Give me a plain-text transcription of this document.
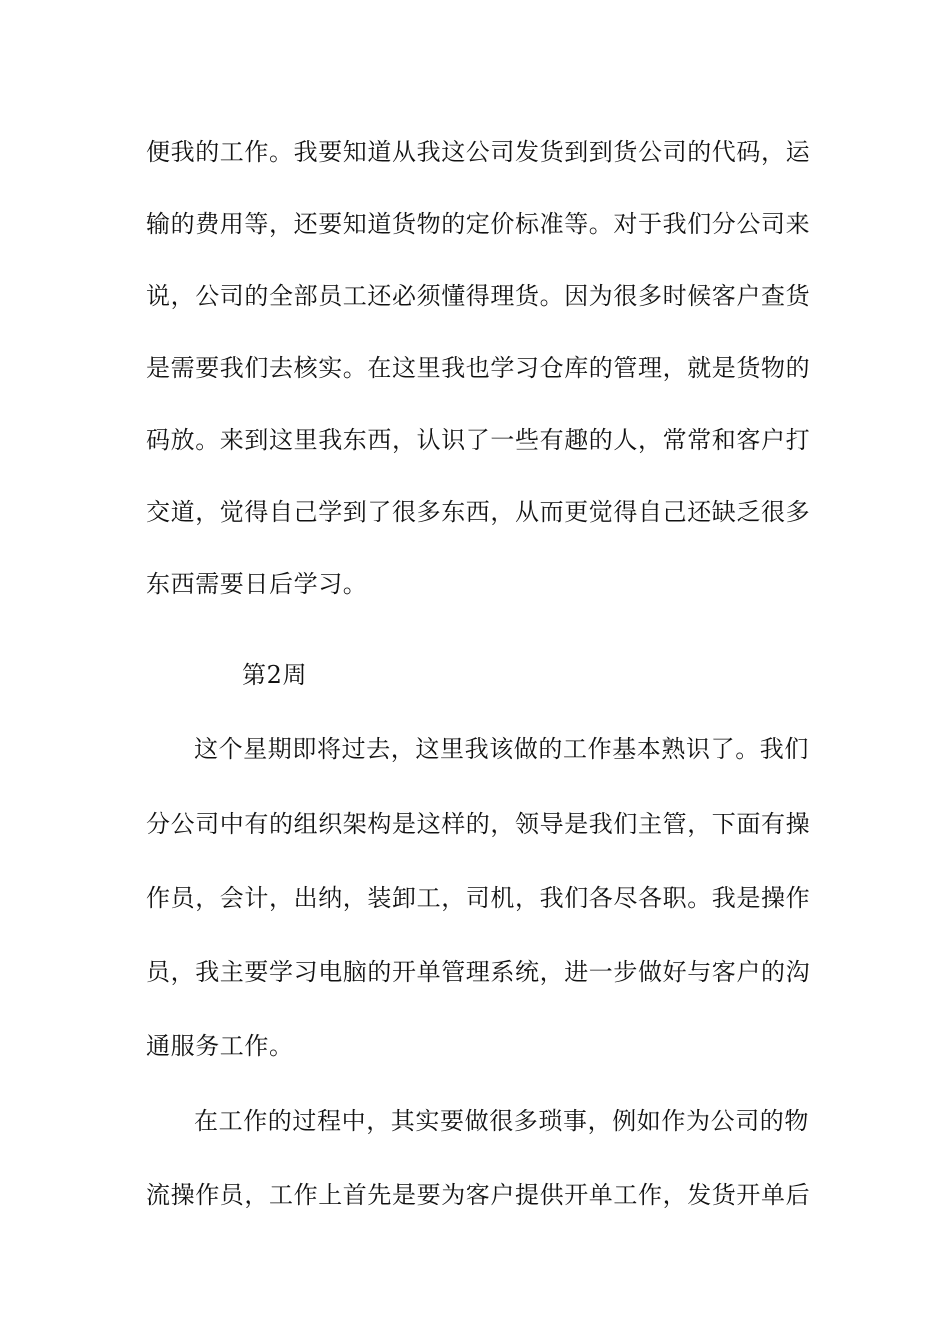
便我的工作。我要知道从我这公司发货到到货公司的代码，运
输的费用等，还要知道货物的定价标准等。对于我们分公司来
说，公司的全部员工还必须懂得理货。因为很多时候客户查货
是需要我们去核实。在这里我也学习仓库的管理，就是货物的
码放。来到这里我东西，认识了一些有趣的人，常常和客户打
交道，觉得自己学到了很多东西，从而更觉得自己还缺乏很多
东西需要日后学习。
第2周
这个星期即将过去，这里我该做的工作基本熟识了。我们
分公司中有的组织架构是这样的，领导是我们主管，下面有操
作员，会计，出纳，装卸工，司机，我们各尽各职。我是操作
员，我主要学习电脑的开单管理系统，进一步做好与客户的沟
通服务工作。
在工作的过程中，其实要做很多琐事，例如作为公司的物
流操作员，工作上首先是要为客户提供开单工作，发货开单后
